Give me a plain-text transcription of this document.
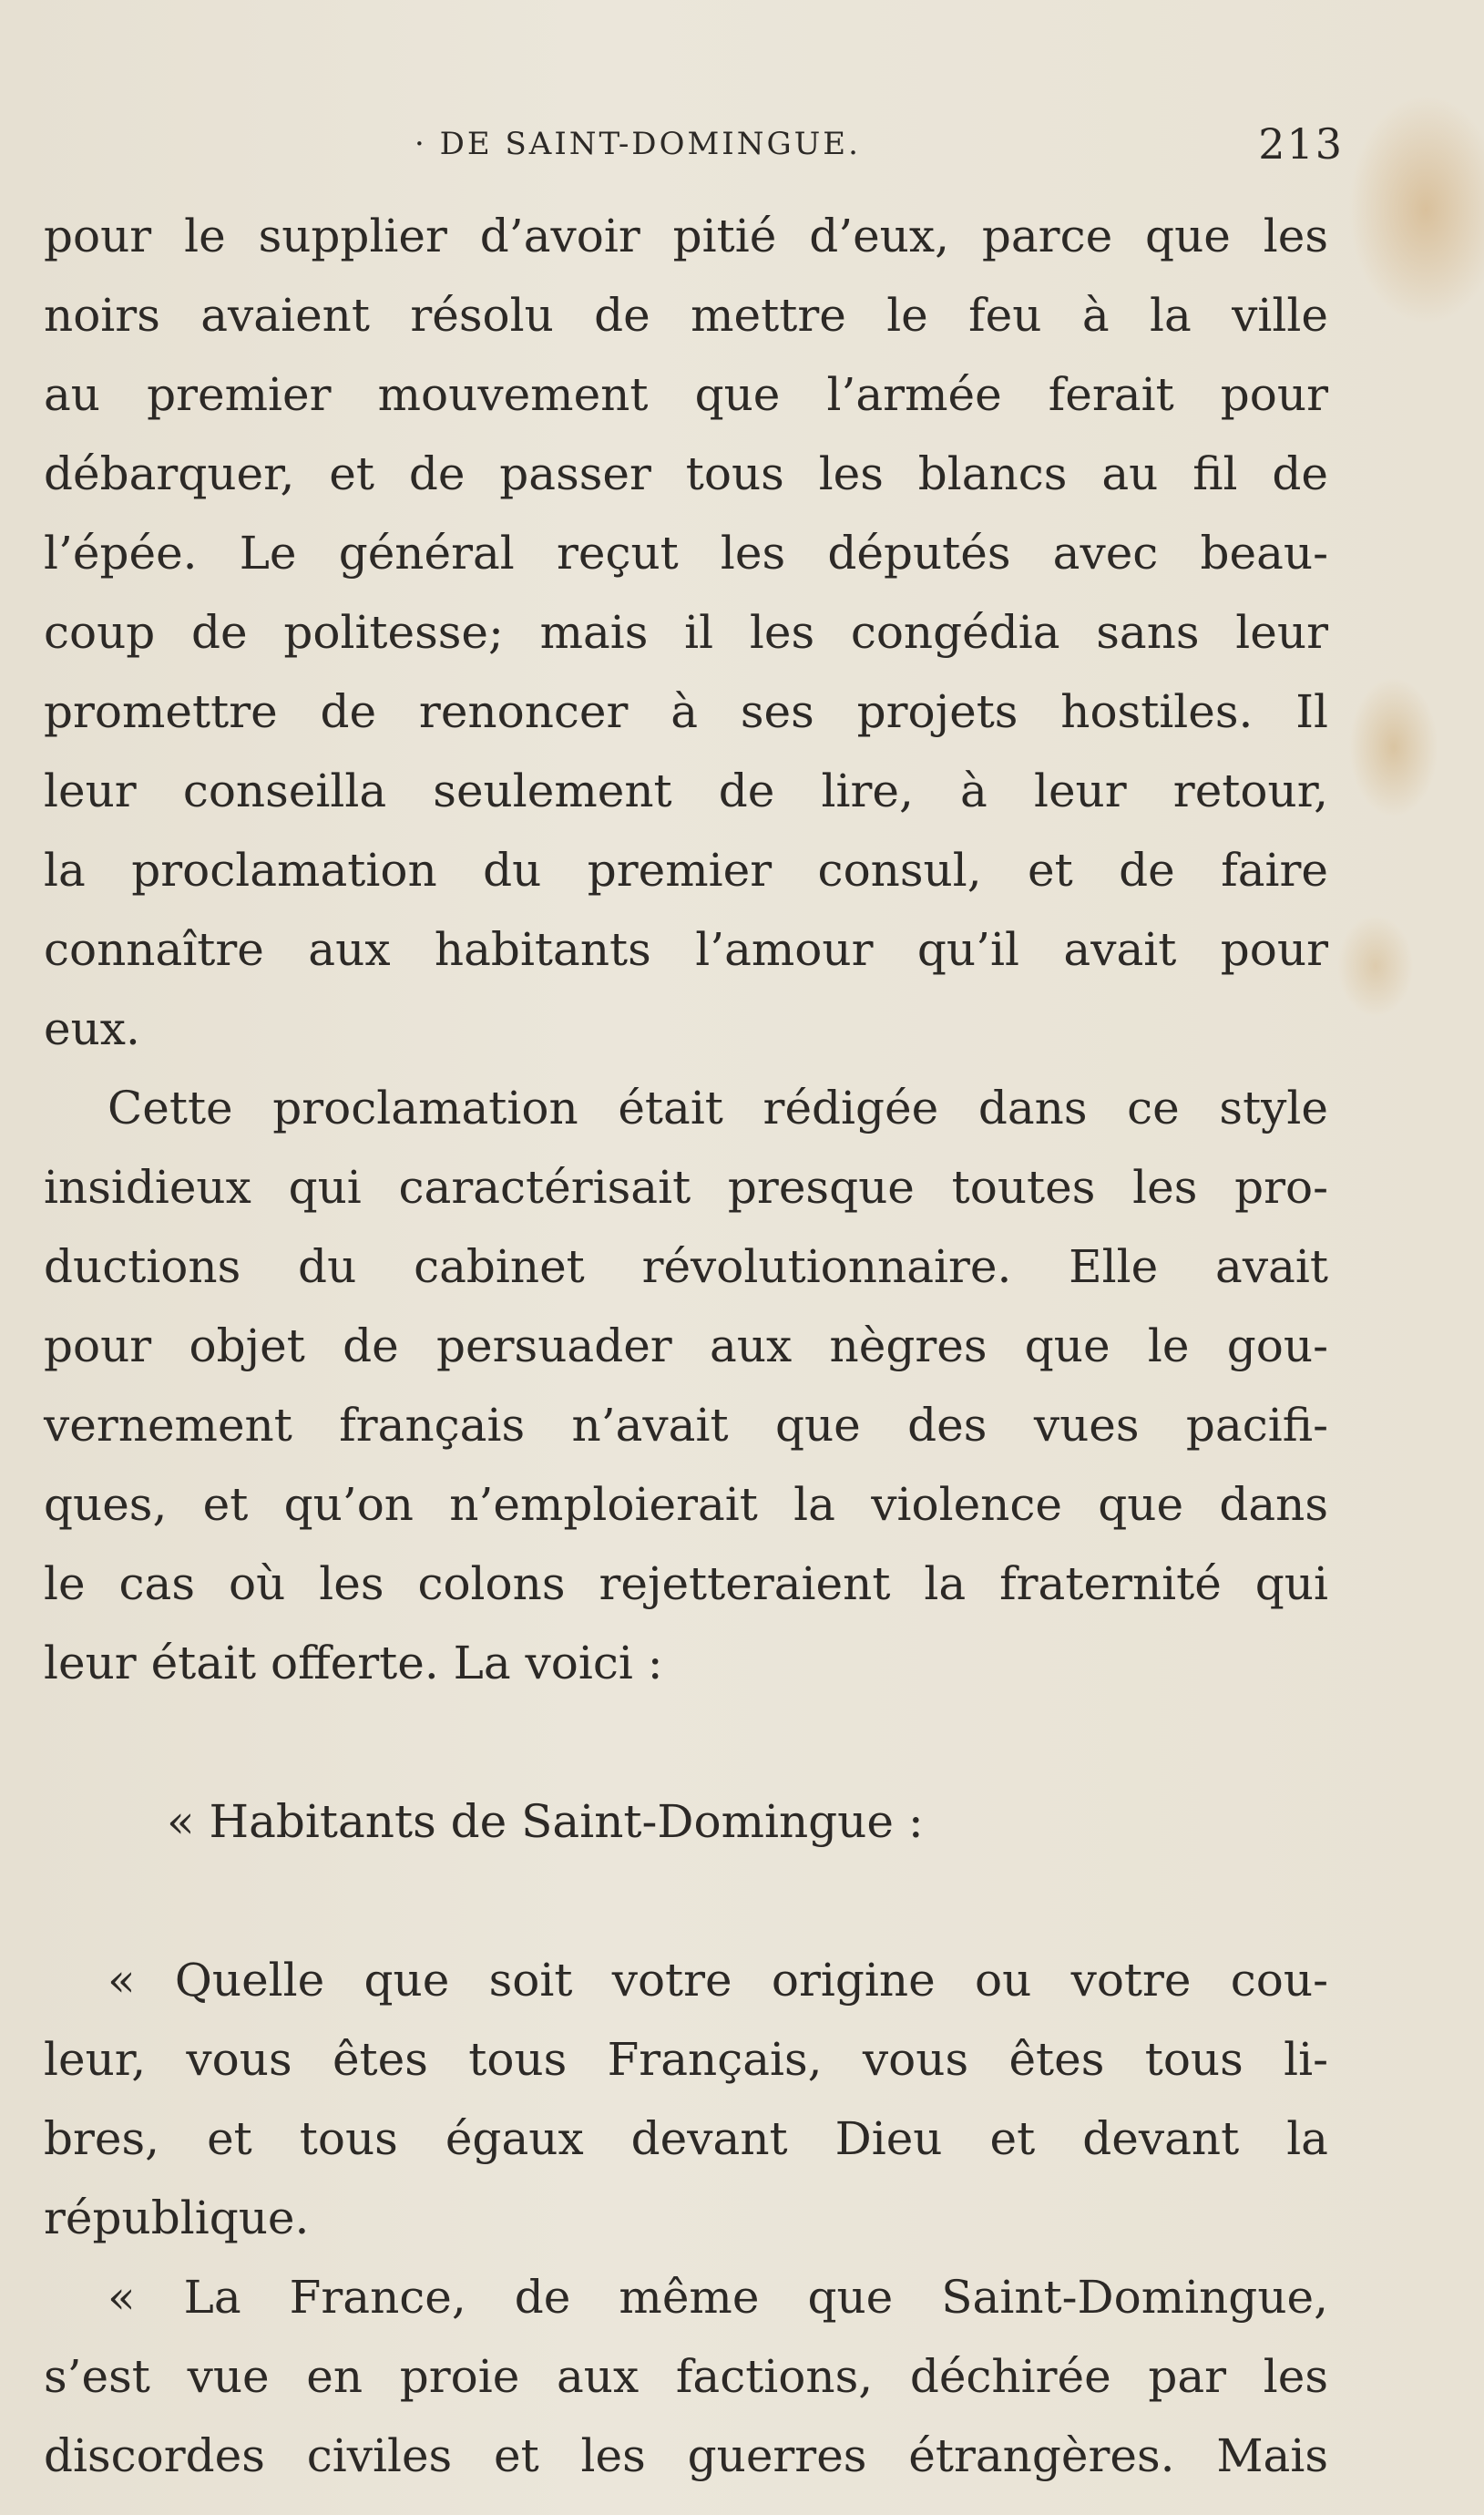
· DE SAINT-DOMINGUE.	213
pour le supplier d’avoir pitié d’eux, parce que les
noirs avaient résolu de mettre le feu à la ville
au premier mouvement que l’armée ferait pour
débarquer, et de passer tous les blancs au fil de
l’épée. Le général reçut les députés avec beau-
coup de politesse; mais il les congédia sans leur
promettre de renoncer à ses projets hostiles. Il
leur conseilla seulement de lire, à leur retour,
la proclamation du premier consul, et de faire
connaître aux habitants l’amour qu’il avait pour
eux.
Cette proclamation était rédigée dans ce style
insidieux qui caractérisait presque toutes les pro-
ductions du cabinet révolutionnaire. Elle avait
pour objet de persuader aux nègres que le gou-
vernement français n’avait que des vues pacifi-
ques, et qu’on n’emploierait la violence que dans
le cas où les colons rejetteraient la fraternité qui
leur était offerte. La voici :
« Habitants de Saint-Domingue :
« Quelle que soit votre origine ou votre cou-
leur, vous êtes tous Français, vous êtes tous li-
bres, et tous égaux devant Dieu et devant la
république.
« La France, de même que Saint-Domingue,
s’est vue en proie aux factions, déchirée par les
discordes civiles et les guerres étrangères. Mais
